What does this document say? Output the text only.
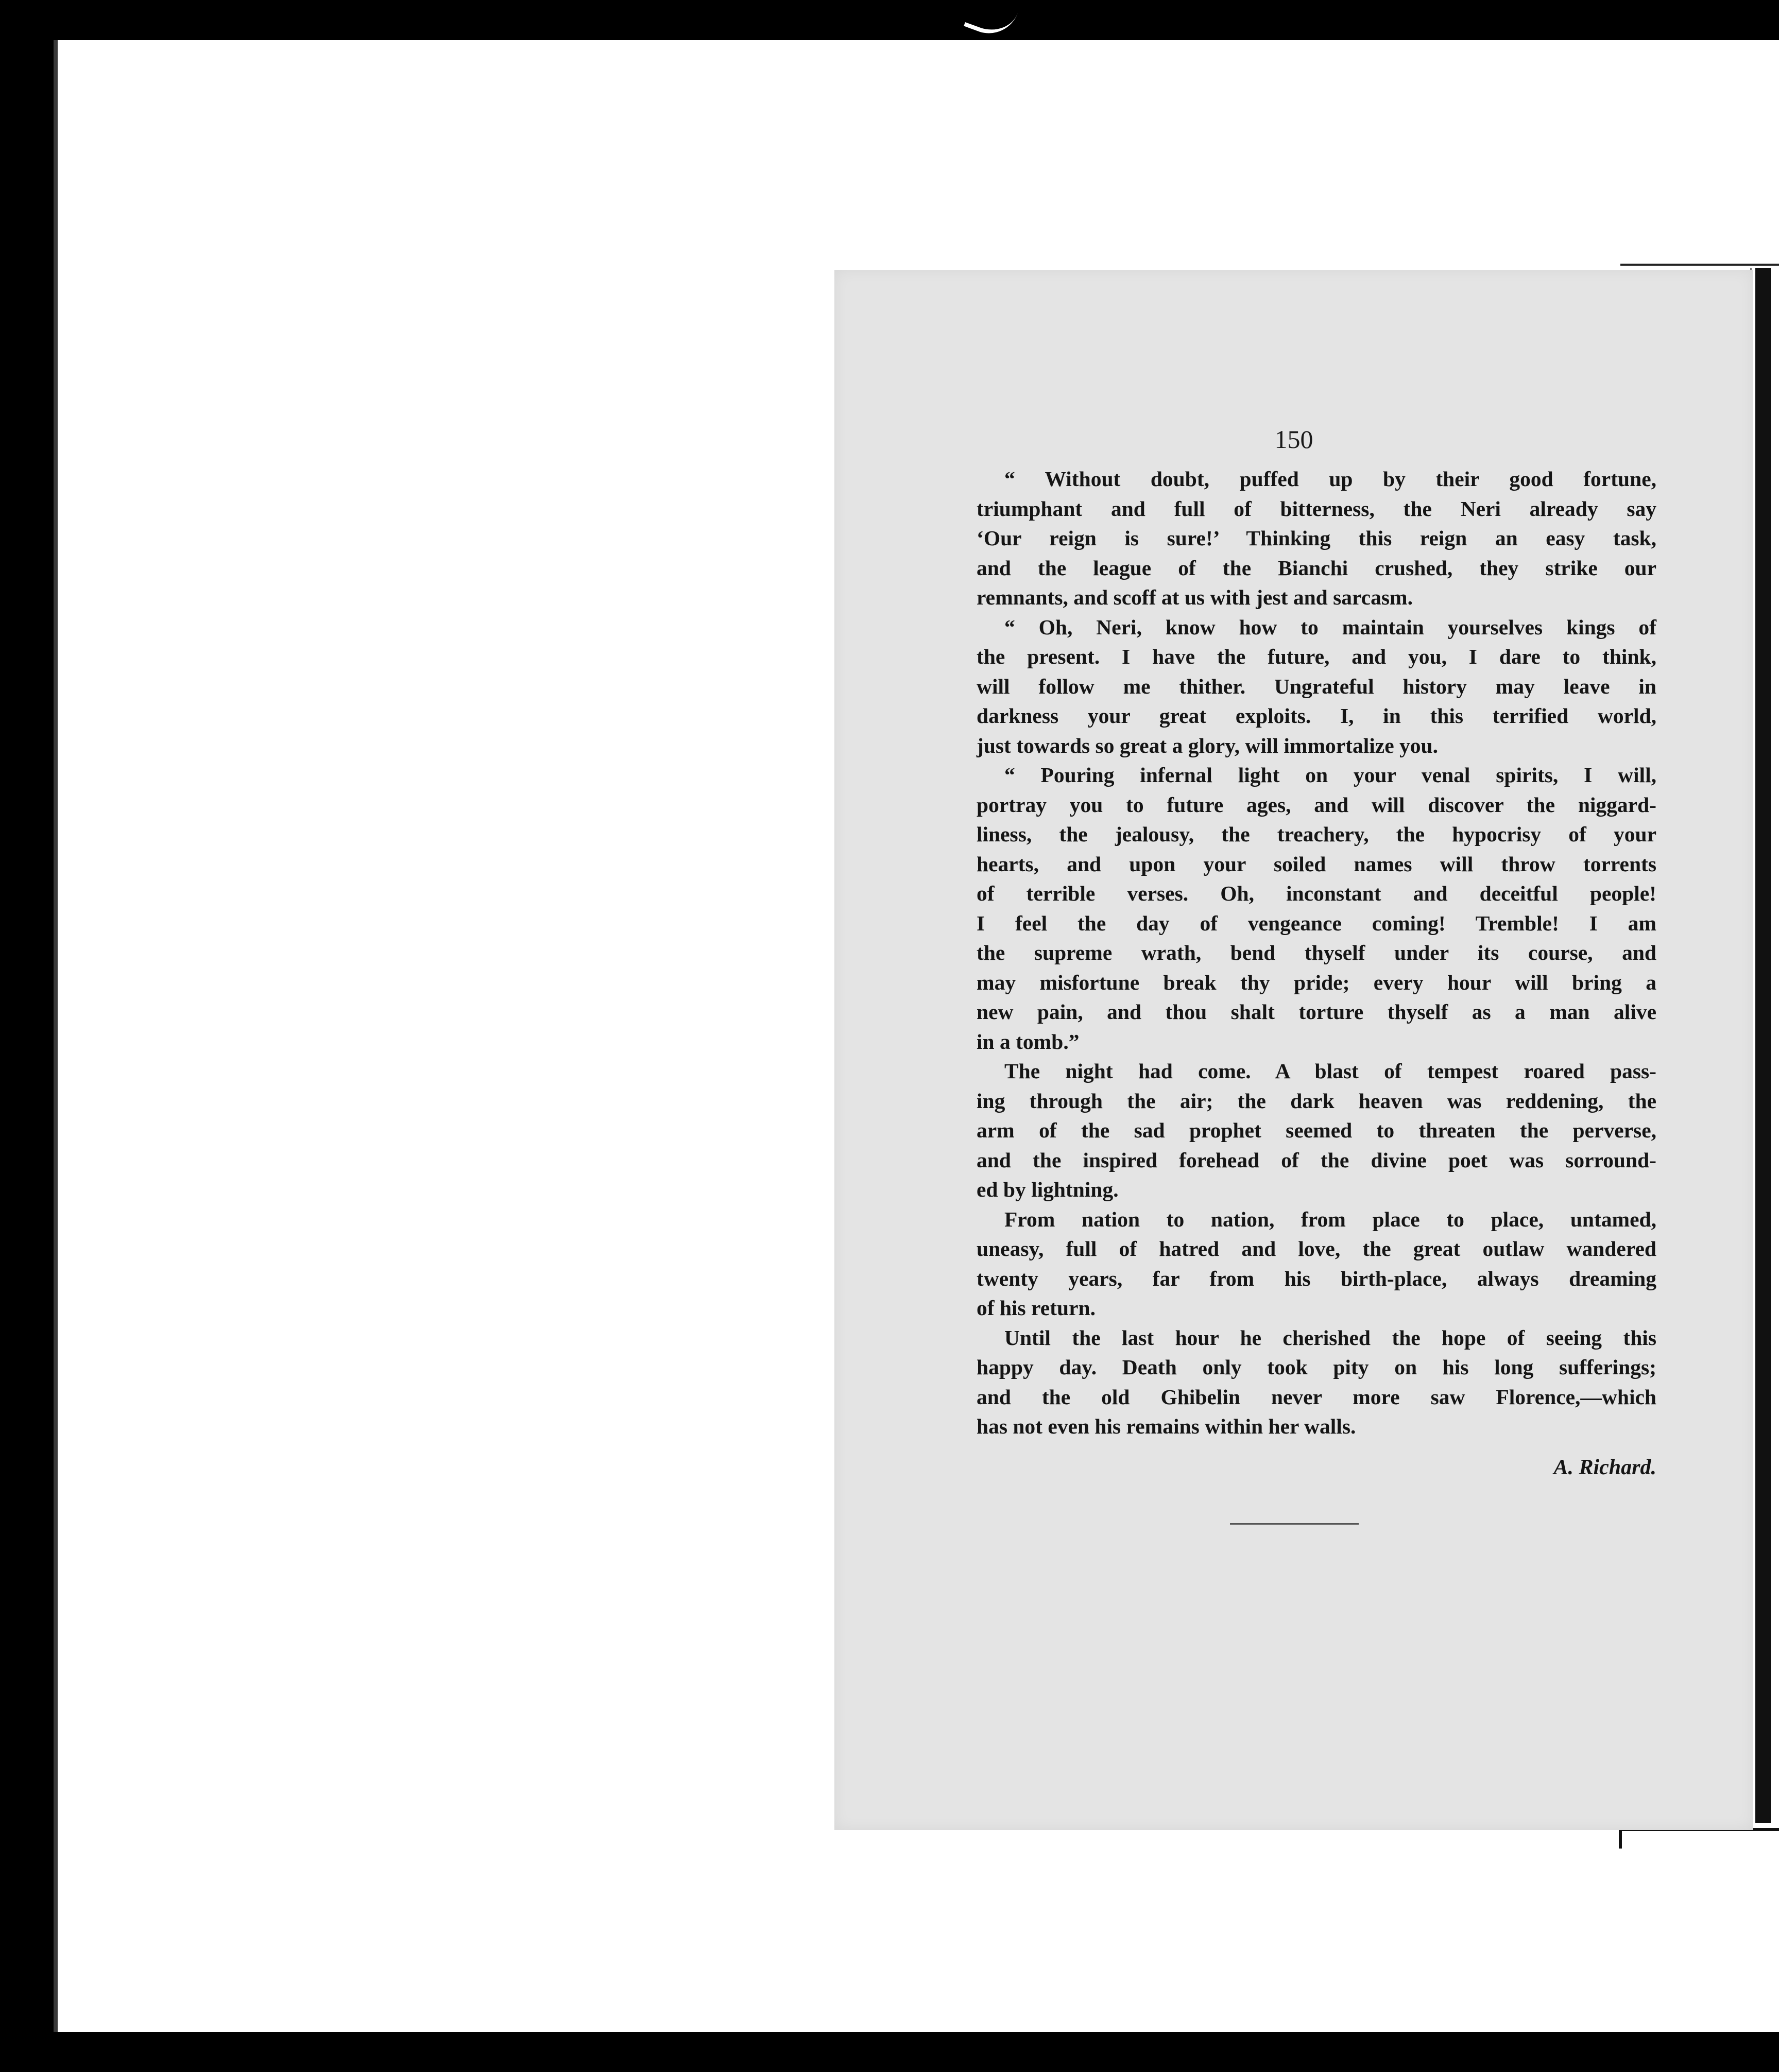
150
“ Without doubt, puffed up by their good fortune,
triumphant and full of bitterness, the Neri already say
‘Our reign is sure!’ Thinking this reign an easy task,
and the league of the Bianchi crushed, they strike our
remnants, and scoff at us with jest and sarcasm.
“ Oh, Neri, know how to maintain yourselves kings of
the present. I have the future, and you, I dare to think,
will follow me thither. Ungrateful history may leave in
darkness your great exploits. I, in this terrified world,
just towards so great a glory, will immortalize you.
“ Pouring infernal light on your venal spirits, I will,
portray you to future ages, and will discover the niggard-
liness, the jealousy, the treachery, the hypocrisy of your
hearts, and upon your soiled names will throw torrents
of terrible verses. Oh, inconstant and deceitful people!
I feel the day of vengeance coming! Tremble! I am
the supreme wrath, bend thyself under its course, and
may misfortune break thy pride; every hour will bring a
new pain, and thou shalt torture thyself as a man alive
in a tomb.”
The night had come. A blast of tempest roared pass-
ing through the air; the dark heaven was reddening, the
arm of the sad prophet seemed to threaten the perverse,
and the inspired forehead of the divine poet was sorround-
ed by lightning.
From nation to nation, from place to place, untamed,
uneasy, full of hatred and love, the great outlaw wandered
twenty years, far from his birth-place, always dreaming
of his return.
Until the last hour he cherished the hope of seeing this
happy day. Death only took pity on his long sufferings;
and the old Ghibelin never more saw Florence,—which
has not even his remains within her walls.
A. Richard.
